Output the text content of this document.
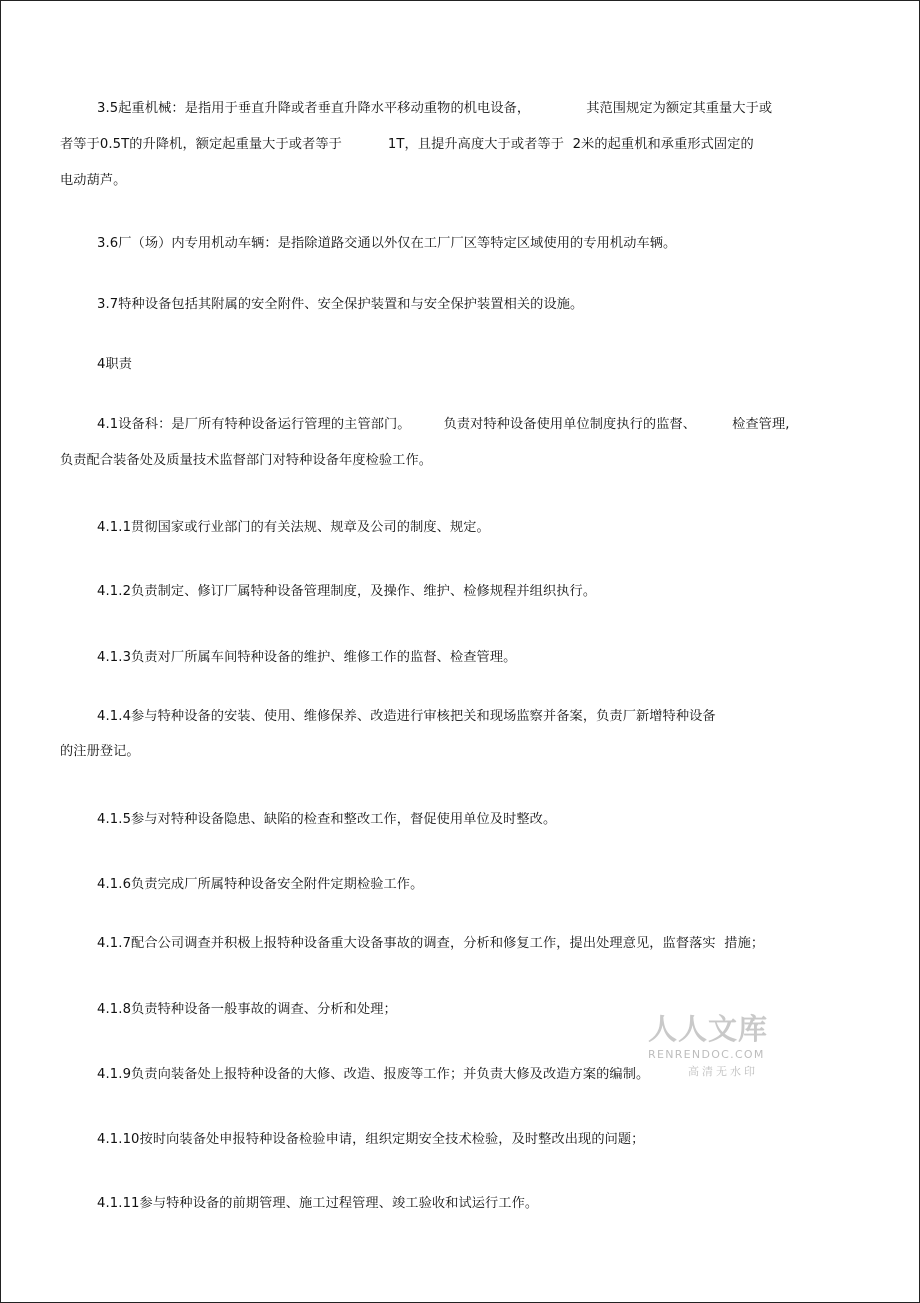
3.5起重机械：是指用于垂直升降或者垂直升降水平移动重物的机电设备，	其范围规定为额定其重量大于或
者等于0.5T的升降机，额定起重量大于或者等于	1T，且提升高度大于或者等于  2米的起重机和承重形式固定的
电动葫芦。
3.6厂（场）内专用机动车辆：是指除道路交通以外仅在工厂厂区等特定区域使用的专用机动车辆。
3.7特种设备包括其附属的安全附件、安全保护装置和与安全保护装置相关的设施。
4职责
4.1设备科：是厂所有特种设备运行管理的主管部门。	负责对特种设备使用单位制度执行的监督、	检查管理,
负责配合装备处及质量技术监督部门对特种设备年度检验工作。
4.1.1贯彻国家或行业部门的有关法规、规章及公司的制度、规定。
4.1.2负责制定、修订厂属特种设备管理制度，及操作、维护、检修规程并组织执行。
4.1.3负责对厂所属车间特种设备的维护、维修工作的监督、检查管理。
4.1.4参与特种设备的安装、使用、维修保养、改造进行审核把关和现场监察并备案，负责厂新增特种设备
的注册登记。
4.1.5参与对特种设备隐患、缺陷的检查和整改工作，督促使用单位及时整改。
4.1.6负责完成厂所属特种设备安全附件定期检验工作。
4.1.7配合公司调查并积极上报特种设备重大设备事故的调查，分析和修复工作，提出处理意见，监督落实  措施；
4.1.8负责特种设备一般事故的调查、分析和处理；
4.1.9负责向装备处上报特种设备的大修、改造、报废等工作；并负责大修及改造方案的编制。
4.1.10按时向装备处申报特种设备检验申请，组织定期安全技术检验，及时整改出现的问题；
4.1.11参与特种设备的前期管理、施工过程管理、竣工验收和试运行工作。
人人文库
RENRENDOC.COM
高清无水印
